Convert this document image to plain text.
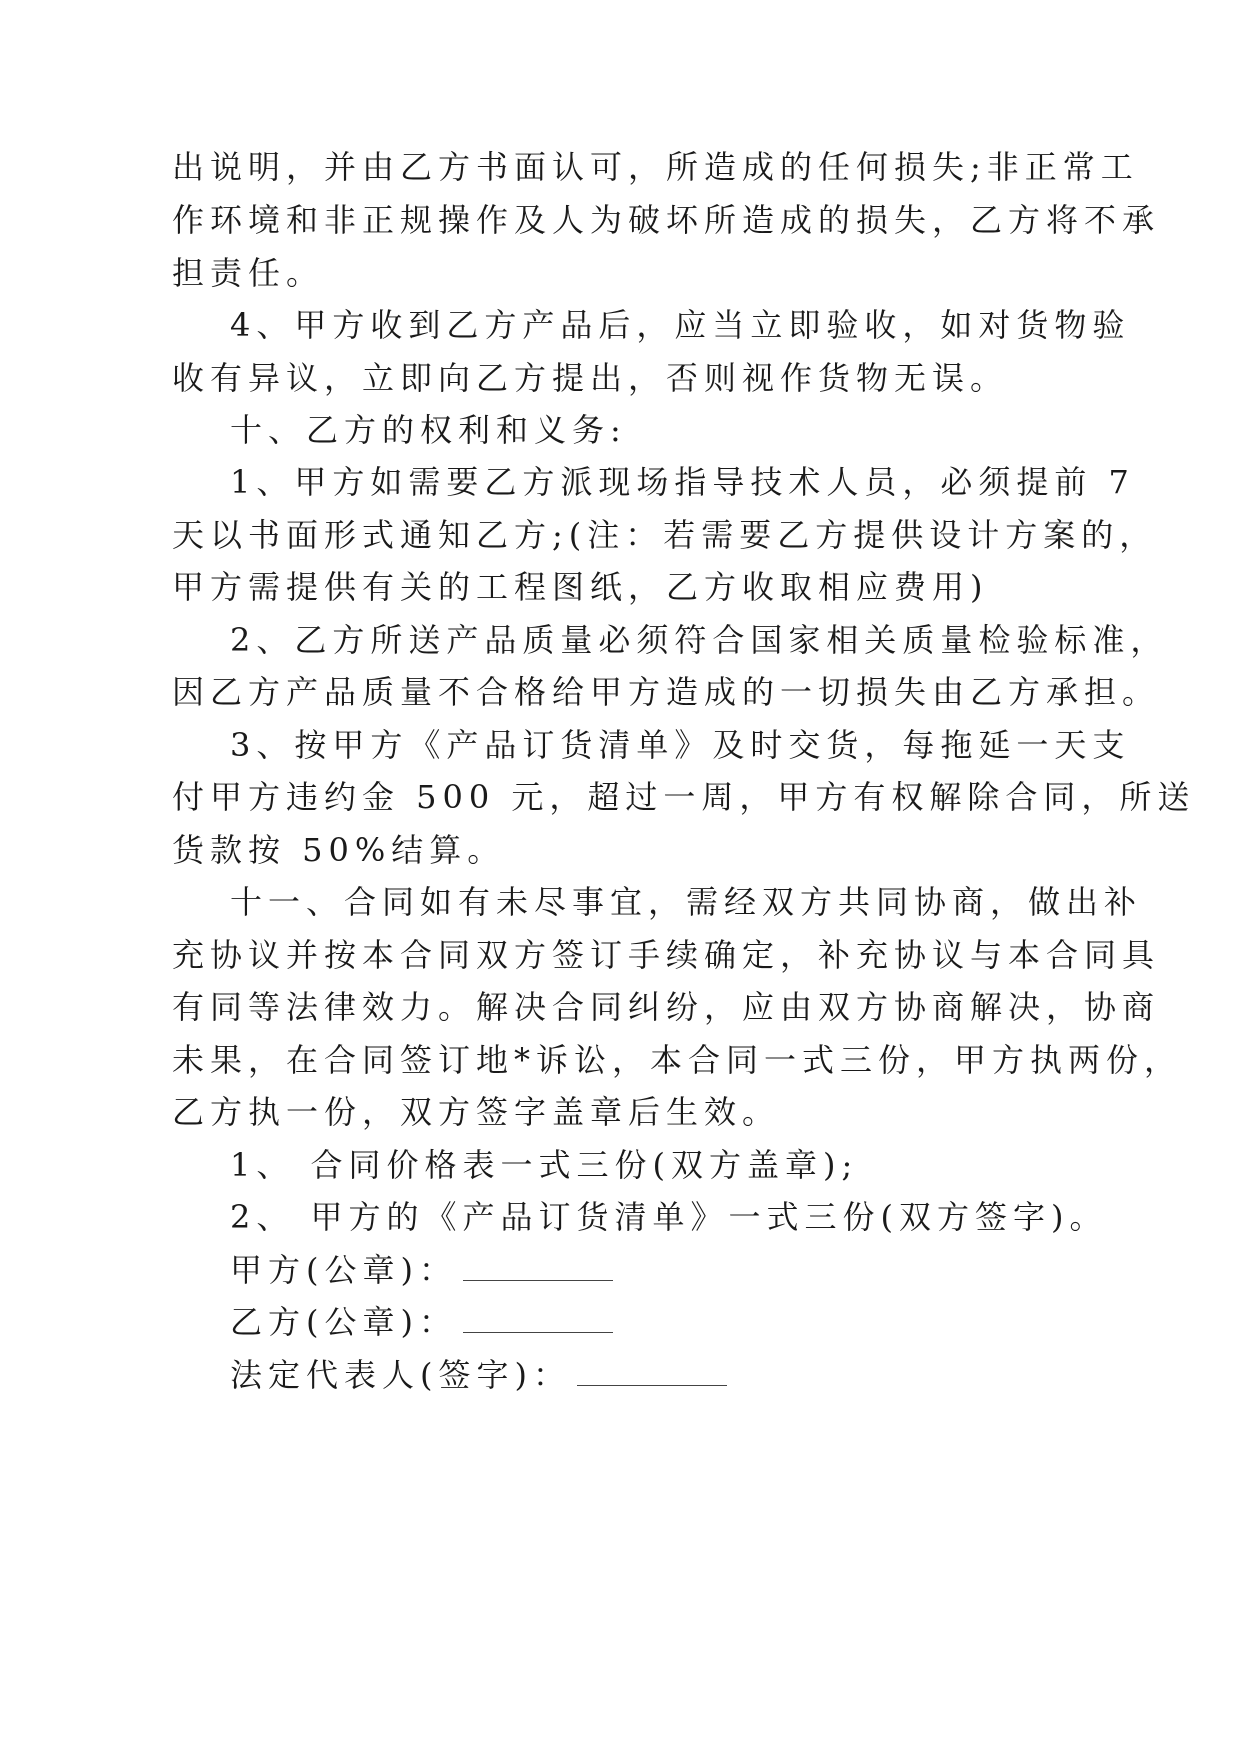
出说明，并由乙方书面认可，所造成的任何损失;非正常工
作环境和非正规操作及人为破坏所造成的损失，乙方将不承
担责任。
4、甲方收到乙方产品后，应当立即验收，如对货物验
收有异议，立即向乙方提出，否则视作货物无误。
十、乙方的权利和义务:
1、甲方如需要乙方派现场指导技术人员，必须提前 7
天以书面形式通知乙方;(注：若需要乙方提供设计方案的，
甲方需提供有关的工程图纸，乙方收取相应费用)
2、乙方所送产品质量必须符合国家相关质量检验标准，
因乙方产品质量不合格给甲方造成的一切损失由乙方承担。
3、按甲方《产品订货清单》及时交货，每拖延一天支
付甲方违约金 500 元，超过一周，甲方有权解除合同，所送
货款按 50%结算。
十一、合同如有未尽事宜，需经双方共同协商，做出补
充协议并按本合同双方签订手续确定，补充协议与本合同具
有同等法律效力。解决合同纠纷，应由双方协商解决，协商
未果，在合同签订地*诉讼，本合同一式三份，甲方执两份，
乙方执一份，双方签字盖章后生效。
1、 合同价格表一式三份(双方盖章);
2、 甲方的《产品订货清单》一式三份(双方签字)。
甲方(公章)：
乙方(公章)：
法定代表人(签字)：
